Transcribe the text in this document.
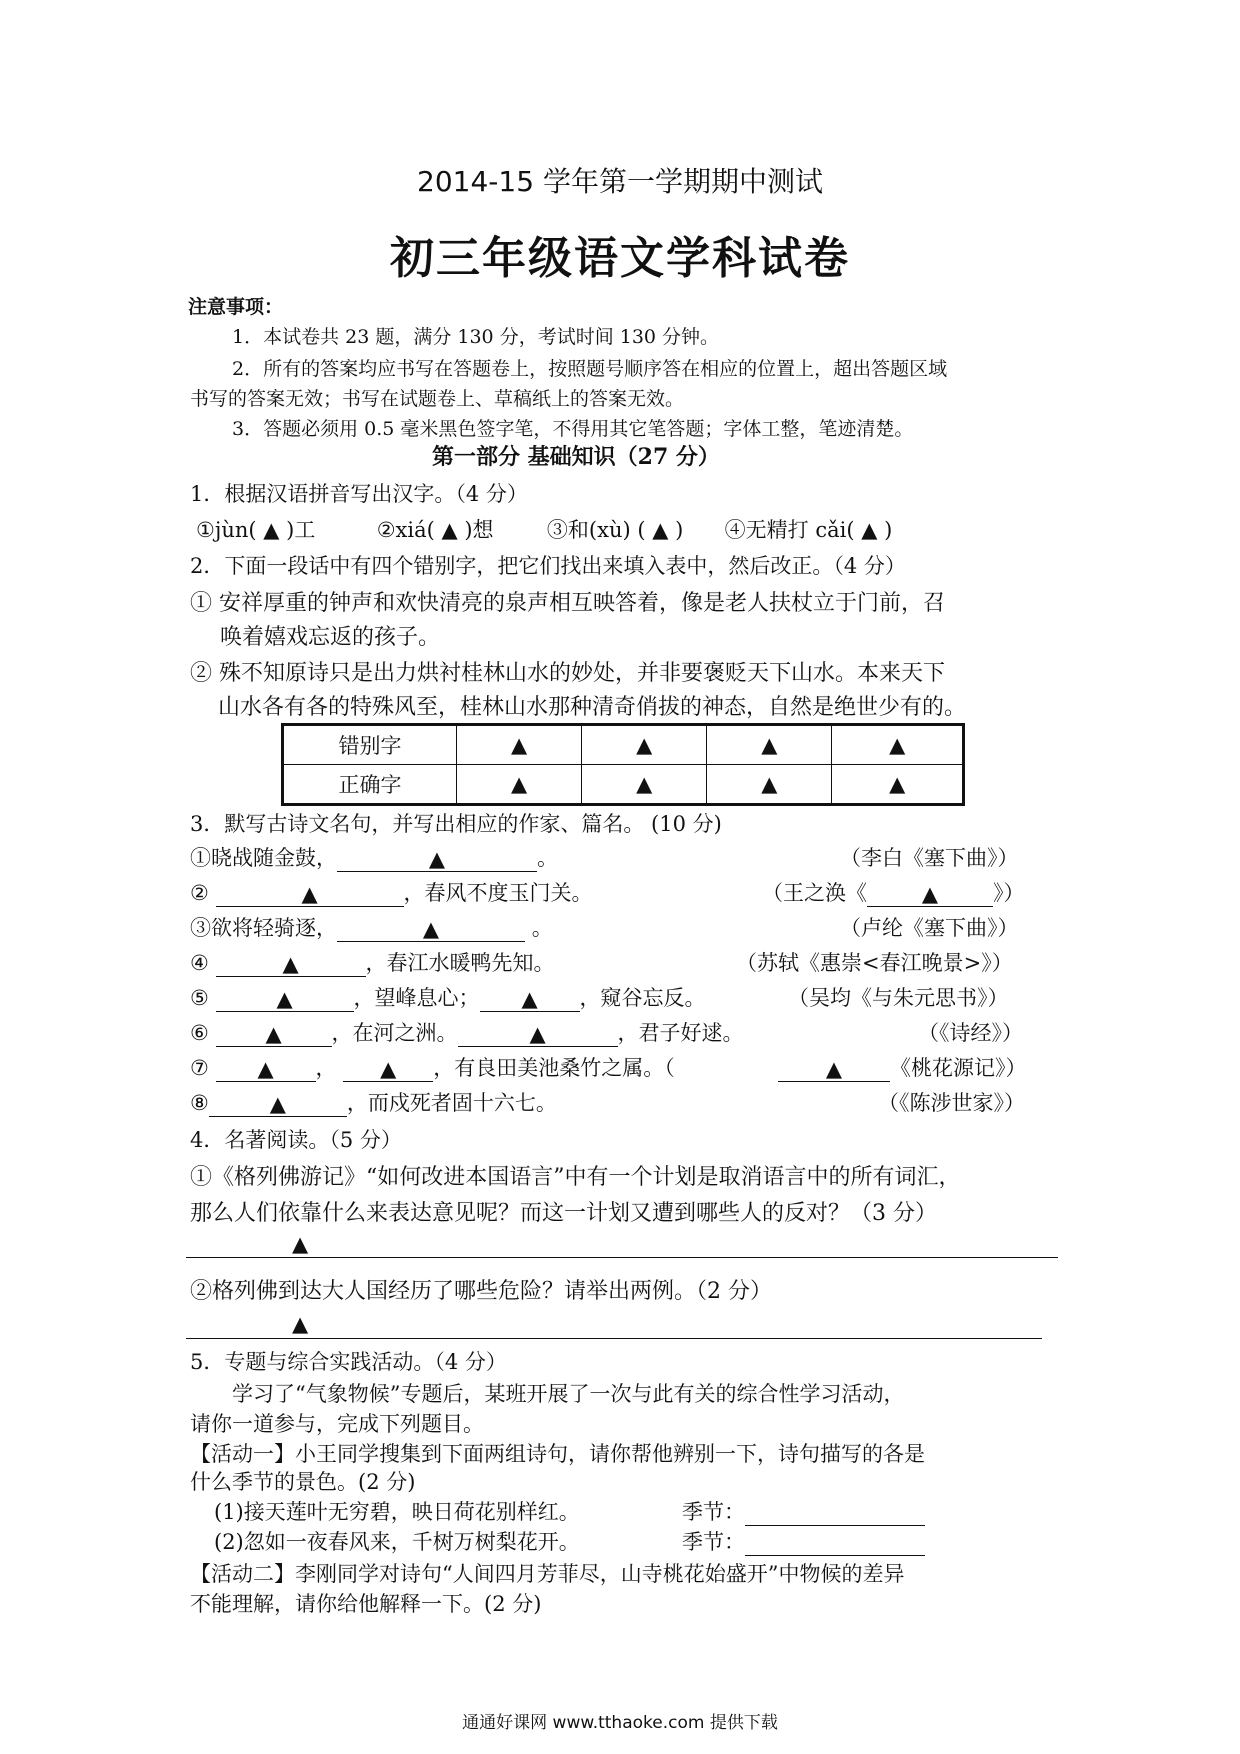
2014-15 学年第一学期期中测试
初三年级语文学科试卷
注意事项：
1．本试卷共 23 题，满分 130 分，考试时间 130 分钟。
2．所有的答案均应书写在答题卷上，按照题号顺序答在相应的位置上，超出答题区域
书写的答案无效；书写在试题卷上、草稿纸上的答案无效。
3．答题必须用 0.5 毫米黑色签字笔，不得用其它笔答题；字体工整，笔迹清楚。
第一部分 基础知识（27 分）
1．根据汉语拼音写出汉字。（4 分）
①jùn( ▲ )工	②xiá( ▲ )想	③和(xù) ( ▲ ) ④无精打 cǎi( ▲ )
2．下面一段话中有四个错别字，把它们找出来填入表中，然后改正。（4 分）
① 安祥厚重的钟声和欢快清亮的泉声相互映答着，像是老人扶杖立于门前，召
唤着嬉戏忘返的孩子。
② 殊不知原诗只是出力烘衬桂林山水的妙处，并非要褒贬天下山水。本来天下
山水各有各的特殊风至，桂林山水那种清奇俏拔的神态，自然是绝世少有的。
错别字	▲	▲	▲	▲
正确字	▲	▲	▲	▲
3．默写古诗文名句，并写出相应的作家、篇名。 (10 分)
①晓战随金鼓，	▲	。	（李白《塞下曲》）
②	▲	，春风不度玉门关。	（王之涣《	▲	》）
③欲将轻骑逐，	▲	。	（卢纶《塞下曲》）
④	▲	，春江水暖鸭先知。	（苏轼《惠崇<春江晚景>》）
⑤	▲	，望峰息心； ▲ ，窥谷忘反。	（吴均《与朱元思书》）
⑥	▲ ，在河之洲。	▲	，君子好逑。	（《诗经》）
⑦ ▲ ， ▲ ，有良田美池桑竹之属。（	▲ 《桃花源记》）
⑧	▲	，而戍死者固十六七。	（《陈涉世家》）
4．名著阅读。（5 分）
①《格列佛游记》“如何改进本国语言”中有一个计划是取消语言中的所有词汇，
那么人们依靠什么来表达意见呢？而这一计划又遭到哪些人的反对？（3 分）
▲
②格列佛到达大人国经历了哪些危险？请举出两例。（2 分）
▲
5．专题与综合实践活动。（4 分）
学习了“气象物候”专题后，某班开展了一次与此有关的综合性学习活动，
请你一道参与，完成下列题目。
【活动一】小王同学搜集到下面两组诗句，请你帮他辨别一下，诗句描写的各是
什么季节的景色。(2 分)
(1)接天莲叶无穷碧，映日荷花别样红。	季节：
(2)忽如一夜春风来，千树万树梨花开。	季节：
【活动二】李刚同学对诗句“人间四月芳菲尽，山寺桃花始盛开”中物候的差异
不能理解，请你给他解释一下。(2 分)
通通好课网 www.tthaoke.com 提供下载
